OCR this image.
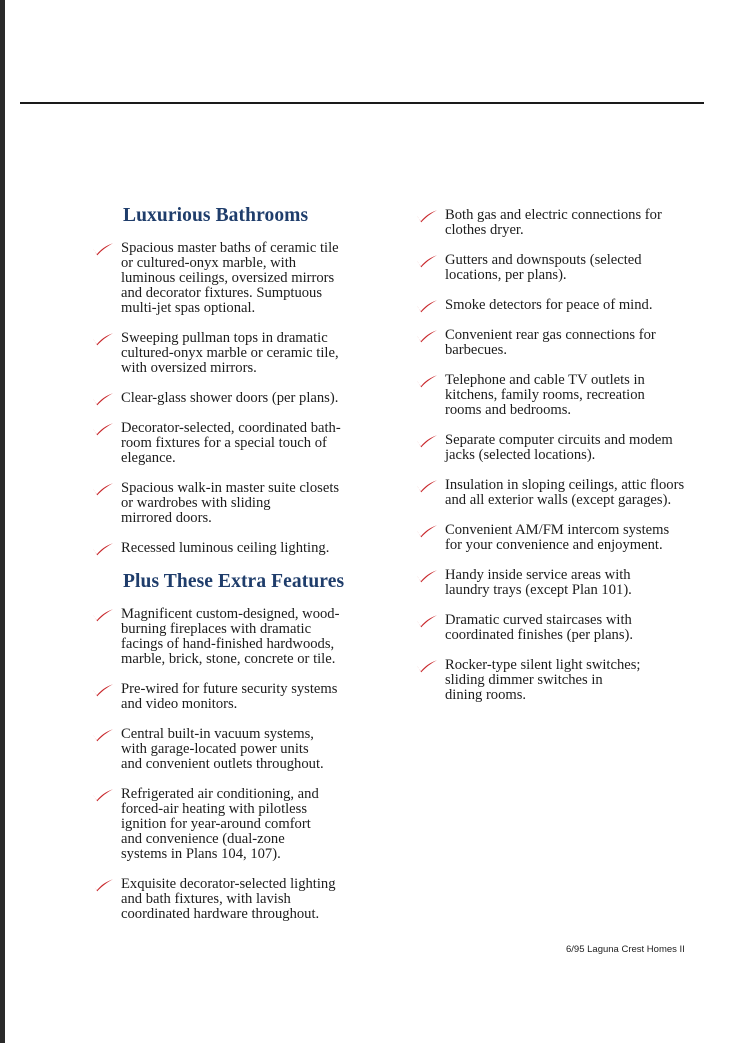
Luxurious Bathrooms
Spacious master baths of ceramic tile
or cultured-onyx marble, with
luminous ceilings, oversized mirrors
and decorator fixtures. Sumptuous
multi-jet spas optional.
Sweeping pullman tops in dramatic
cultured-onyx marble or ceramic tile,
with oversized mirrors.
Clear-glass shower doors (per plans).
Decorator-selected, coordinated bath-
room fixtures for a special touch of
elegance.
Spacious walk-in master suite closets
or wardrobes with sliding
mirrored doors.
Recessed luminous ceiling lighting.
Plus These Extra Features
Magnificent custom-designed, wood-
burning fireplaces with dramatic
facings of hand-finished hardwoods,
marble, brick, stone, concrete or tile.
Pre-wired for future security systems
and video monitors.
Central built-in vacuum systems,
with garage-located power units
and convenient outlets throughout.
Refrigerated air conditioning, and
forced-air heating with pilotless
ignition for year-around comfort
and convenience (dual-zone
systems in Plans 104, 107).
Exquisite decorator-selected lighting
and bath fixtures, with lavish
coordinated hardware throughout.
Both gas and electric connections for
clothes dryer.
Gutters and downspouts (selected
locations, per plans).
Smoke detectors for peace of mind.
Convenient rear gas connections for
barbecues.
Telephone and cable TV outlets in
kitchens, family rooms, recreation
rooms and bedrooms.
Separate computer circuits and modem
jacks (selected locations).
Insulation in sloping ceilings, attic floors
and all exterior walls (except garages).
Convenient AM/FM intercom systems
for your convenience and enjoyment.
Handy inside service areas with
laundry trays (except Plan 101).
Dramatic curved staircases with
coordinated finishes (per plans).
Rocker-type silent light switches;
sliding dimmer switches in
dining rooms.
6/95 Laguna Crest Homes II
